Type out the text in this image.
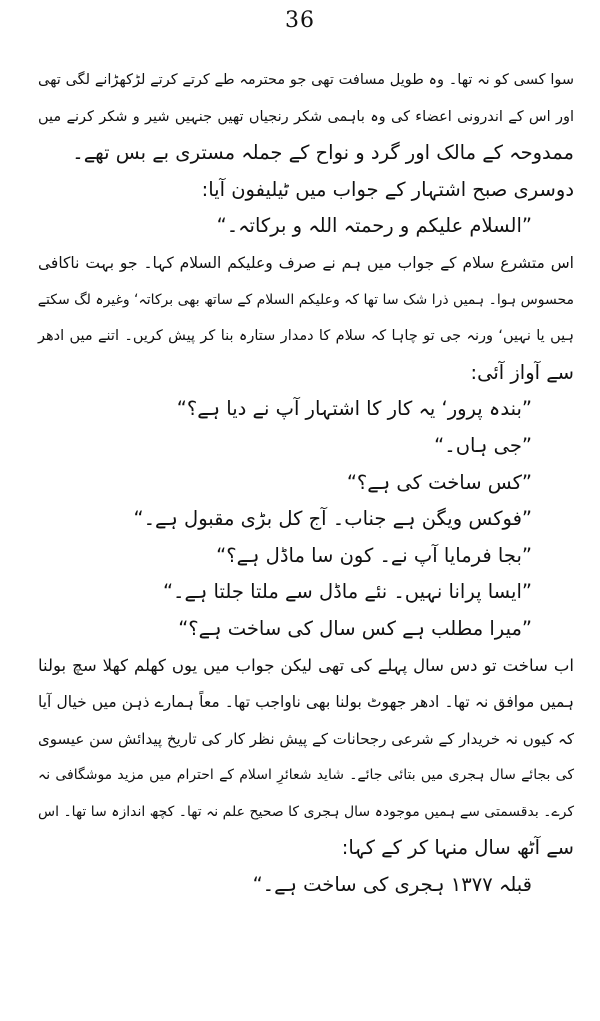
36
سوا کسی کو نہ تھا۔ وہ طویل مسافت تھی جو محترمہ طے کرتے کرتے لڑکھڑانے لگی تھی
اور اس کے اندرونی اعضاء کی وہ باہمی شکر رنجیاں تھیں جنہیں شیر و شکر کرنے میں
ممدوحہ کے مالک اور گرد و نواح کے جملہ مستری بے بس تھے۔
دوسری صبح اشتہار کے جواب میں ٹیلیفون آیا:
”السلام علیکم و رحمتہ اللہ و برکاتہ۔“
اس متشرع سلام کے جواب میں ہم نے صرف وعلیکم السلام کہا۔ جو بہت ناکافی
محسوس ہوا۔ ہمیں ذرا شک سا تھا کہ وعلیکم السلام کے ساتھ بھی برکاتہ‘ وغیرہ لگ سکتے
ہیں یا نہیں‘ ورنہ جی تو چاہا کہ سلام کا دمدار ستارہ بنا کر پیش کریں۔ اتنے میں ادھر
سے آواز آئی:
”بندہ پرور‘ یہ کار کا اشتہار آپ نے دیا ہے؟“
”جی ہاں۔“
”کس ساخت کی ہے؟“
”فوکس ویگن ہے جناب۔ آج کل بڑی مقبول ہے۔“
”بجا فرمایا آپ نے۔ کون سا ماڈل ہے؟“
”ایسا پرانا نہیں۔ نئے ماڈل سے ملتا جلتا ہے۔“
”میرا مطلب ہے کس سال کی ساخت ہے؟“
اب ساخت تو دس سال پہلے کی تھی لیکن جواب میں یوں کھلم کھلا سچ بولنا
ہمیں موافق نہ تھا۔ ادھر جھوٹ بولنا بھی ناواجب تھا۔ معاً ہمارے ذہن میں خیال آیا
کہ کیوں نہ خریدار کے شرعی رجحانات کے پیش نظر کار کی تاریخ پیدائش سن عیسوی
کی بجائے سال ہجری میں بتائی جائے۔ شاید شعائرِ اسلام کے احترام میں مزید موشگافی نہ
کرے۔ بدقسمتی سے ہمیں موجودہ سال ہجری کا صحیح علم نہ تھا۔ کچھ اندازہ سا تھا۔ اس
سے آٹھ سال منہا کر کے کہا:
قبلہ ۱۳۷۷ ہجری کی ساخت ہے۔“
